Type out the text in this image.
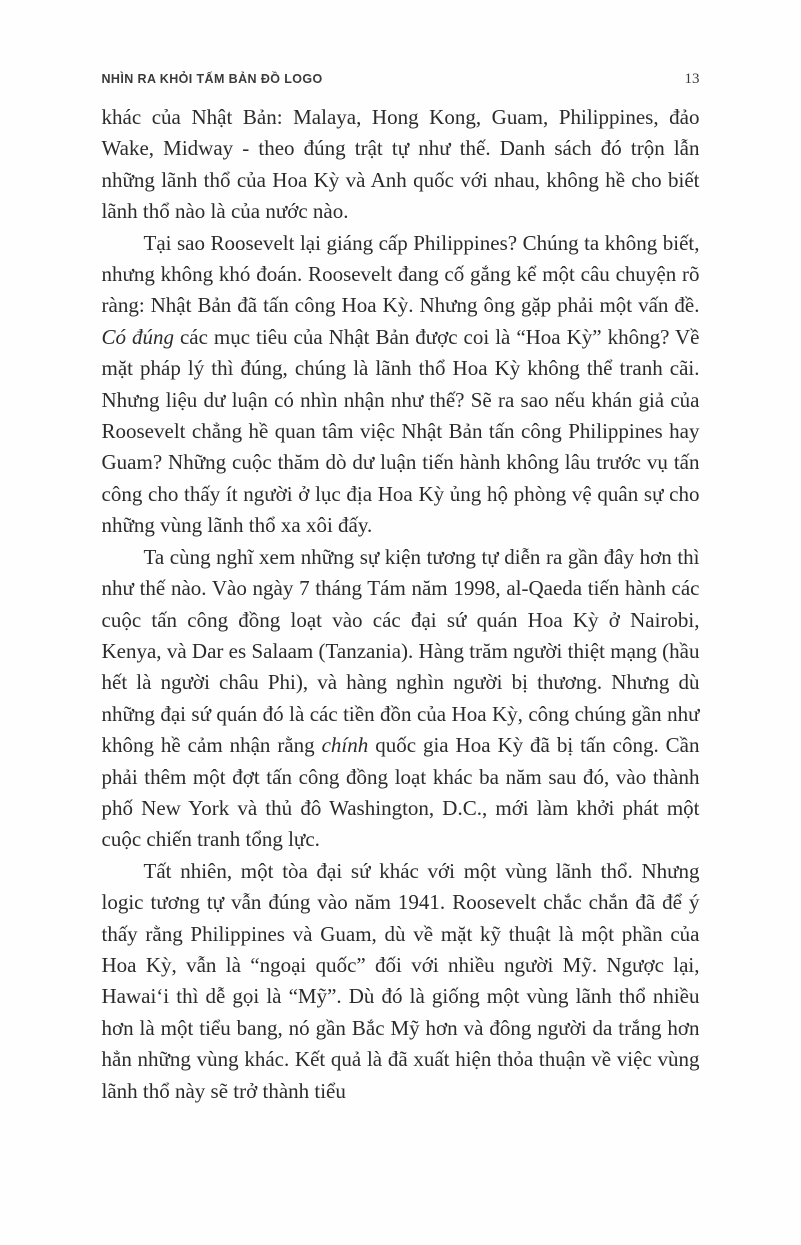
NHÌN RA KHỎI TẤM BẢN ĐỒ LOGO	13

khác của Nhật Bản: Malaya, Hong Kong, Guam, Philippines, đảo Wake, Midway - theo đúng trật tự như thế. Danh sách đó trộn lẫn những lãnh thổ của Hoa Kỳ và Anh quốc với nhau, không hề cho biết lãnh thổ nào là của nước nào.

Tại sao Roosevelt lại giáng cấp Philippines? Chúng ta không biết, nhưng không khó đoán. Roosevelt đang cố gắng kể một câu chuyện rõ ràng: Nhật Bản đã tấn công Hoa Kỳ. Nhưng ông gặp phải một vấn đề. Có đúng các mục tiêu của Nhật Bản được coi là “Hoa Kỳ” không? Về mặt pháp lý thì đúng, chúng là lãnh thổ Hoa Kỳ không thể tranh cãi. Nhưng liệu dư luận có nhìn nhận như thế? Sẽ ra sao nếu khán giả của Roosevelt chẳng hề quan tâm việc Nhật Bản tấn công Philippines hay Guam? Những cuộc thăm dò dư luận tiến hành không lâu trước vụ tấn công cho thấy ít người ở lục địa Hoa Kỳ ủng hộ phòng vệ quân sự cho những vùng lãnh thổ xa xôi đấy.

Ta cùng nghĩ xem những sự kiện tương tự diễn ra gần đây hơn thì như thế nào. Vào ngày 7 tháng Tám năm 1998, al-Qaeda tiến hành các cuộc tấn công đồng loạt vào các đại sứ quán Hoa Kỳ ở Nairobi, Kenya, và Dar es Salaam (Tanzania). Hàng trăm người thiệt mạng (hầu hết là người châu Phi), và hàng nghìn người bị thương. Nhưng dù những đại sứ quán đó là các tiền đồn của Hoa Kỳ, công chúng gần như không hề cảm nhận rằng chính quốc gia Hoa Kỳ đã bị tấn công. Cần phải thêm một đợt tấn công đồng loạt khác ba năm sau đó, vào thành phố New York và thủ đô Washington, D.C., mới làm khởi phát một cuộc chiến tranh tổng lực.

Tất nhiên, một tòa đại sứ khác với một vùng lãnh thổ. Nhưng logic tương tự vẫn đúng vào năm 1941. Roosevelt chắc chắn đã để ý thấy rằng Philippines và Guam, dù về mặt kỹ thuật là một phần của Hoa Kỳ, vẫn là “ngoại quốc” đối với nhiều người Mỹ. Ngược lại, Hawai‘i thì dễ gọi là “Mỹ”. Dù đó là giống một vùng lãnh thổ nhiều hơn là một tiểu bang, nó gần Bắc Mỹ hơn và đông người da trắng hơn hẳn những vùng khác. Kết quả là đã xuất hiện thỏa thuận về việc vùng lãnh thổ này sẽ trở thành tiểu
